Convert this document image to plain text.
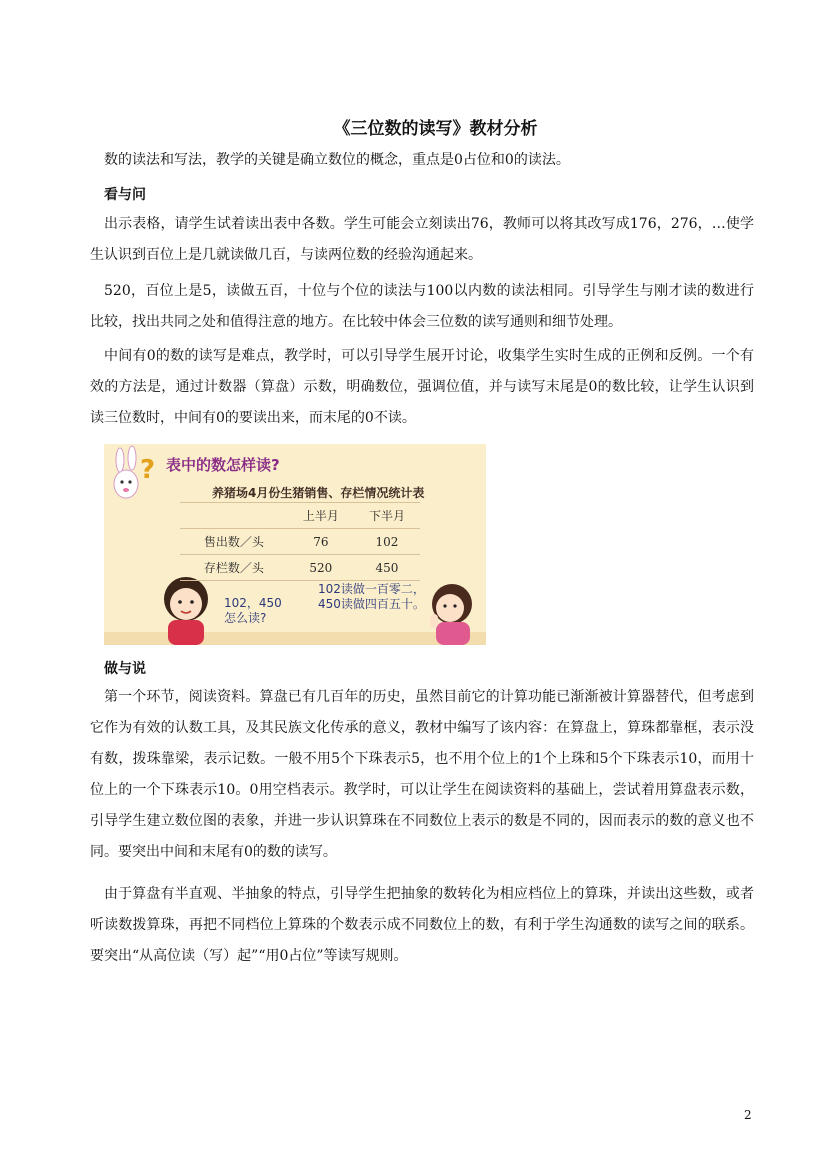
《三位数的读写》教材分析

数的读法和写法，教学的关键是确立数位的概念，重点是0占位和0的读法。

看与问

出示表格，请学生试着读出表中各数。学生可能会立刻读出76，教师可以将其改写成176，276，…使学生认识到百位上是几就读做几百，与读两位数的经验沟通起来。

520，百位上是5，读做五百，十位与个位的读法与100以内数的读法相同。引导学生与刚才读的数进行比较，找出共同之处和值得注意的地方。在比较中体会三位数的读写通则和细节处理。

中间有0的数的读写是难点，教学时，可以引导学生展开讨论，收集学生实时生成的正例和反例。一个有效的方法是，通过计数器（算盘）示数，明确数位，强调位值，并与读写末尾是0的数比较，让学生认识到读三位数时，中间有0的要读出来，而末尾的0不读。

? 表中的数怎样读?
养猪场4月份生猪销售、存栏情况统计表
	上半月	下半月
售出数／头	76	102
存栏数／头	520	450
102，450
怎么读?
102读做一百零二，
450读做四百五十。
做与说

第一个环节，阅读资料。算盘已有几百年的历史，虽然目前它的计算功能已渐渐被计算器替代，但考虑到它作为有效的认数工具，及其民族文化传承的意义，教材中编写了该内容：在算盘上，算珠都靠框，表示没有数，拨珠靠梁，表示记数。一般不用5个下珠表示5，也不用个位上的1个上珠和5个下珠表示10，而用十位上的一个下珠表示10。0用空档表示。教学时，可以让学生在阅读资料的基础上，尝试着用算盘表示数，引导学生建立数位图的表象，并进一步认识算珠在不同数位上表示的数是不同的，因而表示的数的意义也不同。要突出中间和末尾有0的数的读写。

由于算盘有半直观、半抽象的特点，引导学生把抽象的数转化为相应档位上的算珠，并读出这些数，或者听读数拨算珠，再把不同档位上算珠的个数表示成不同数位上的数，有利于学生沟通数的读写之间的联系。要突出“从高位读（写）起”“用0占位”等读写规则。

2
